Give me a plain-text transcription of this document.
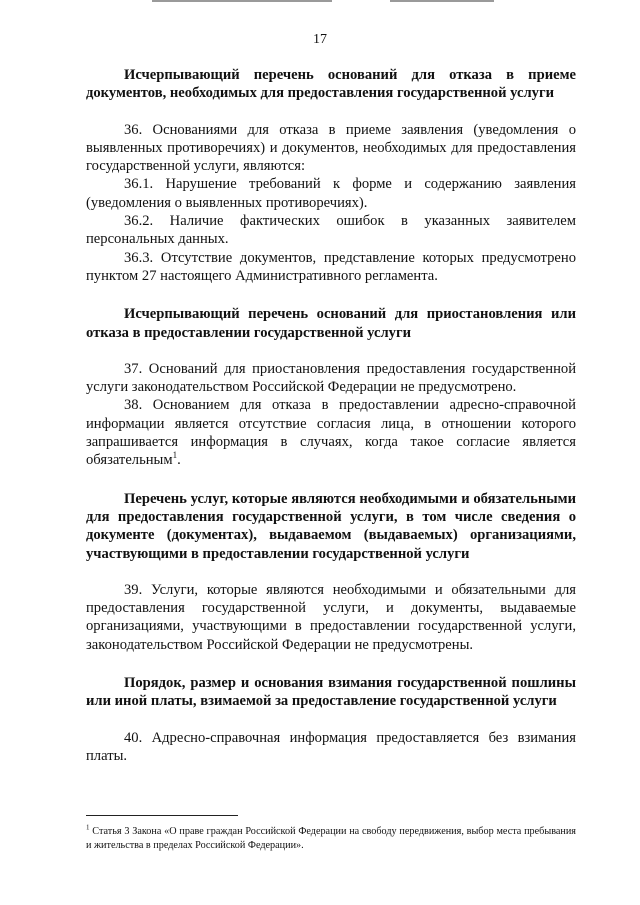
17

Исчерпывающий перечень оснований для отказа в приеме документов, необходимых для предоставления государственной услуги

36. Основаниями для отказа в приеме заявления (уведомления о выявленных противоречиях) и документов, необходимых для предоставления государственной услуги, являются:

36.1. Нарушение требований к форме и содержанию заявления (уведомления о выявленных противоречиях).

36.2. Наличие фактических ошибок в указанных заявителем персональных данных.

36.3. Отсутствие документов, представление которых предусмотрено пунктом 27 настоящего Административного регламента.

Исчерпывающий перечень оснований для приостановления или отказа в предоставлении государственной услуги

37. Оснований для приостановления предоставления государственной услуги законодательством Российской Федерации не предусмотрено.

38. Основанием для отказа в предоставлении адресно-справочной информации является отсутствие согласия лица, в отношении которого запрашивается информация в случаях, когда такое согласие является обязательным$^1$.

Перечень услуг, которые являются необходимыми и обязательными для предоставления государственной услуги, в том числе сведения о документе (документах), выдаваемом (выдаваемых) организациями, участвующими в предоставлении государственной услуги

39. Услуги, которые являются необходимыми и обязательными для предоставления государственной услуги, и документы, выдаваемые организациями, участвующими в предоставлении государственной услуги, законодательством Российской Федерации не предусмотрены.

Порядок, размер и основания взимания государственной пошлины или иной платы, взимаемой за предоставление государственной услуги

40. Адресно-справочная информация предоставляется без взимания платы.

$^1$ Статья 3 Закона «О праве граждан Российской Федерации на свободу передвижения, выбор места пребывания и жительства в пределах Российской Федерации».
